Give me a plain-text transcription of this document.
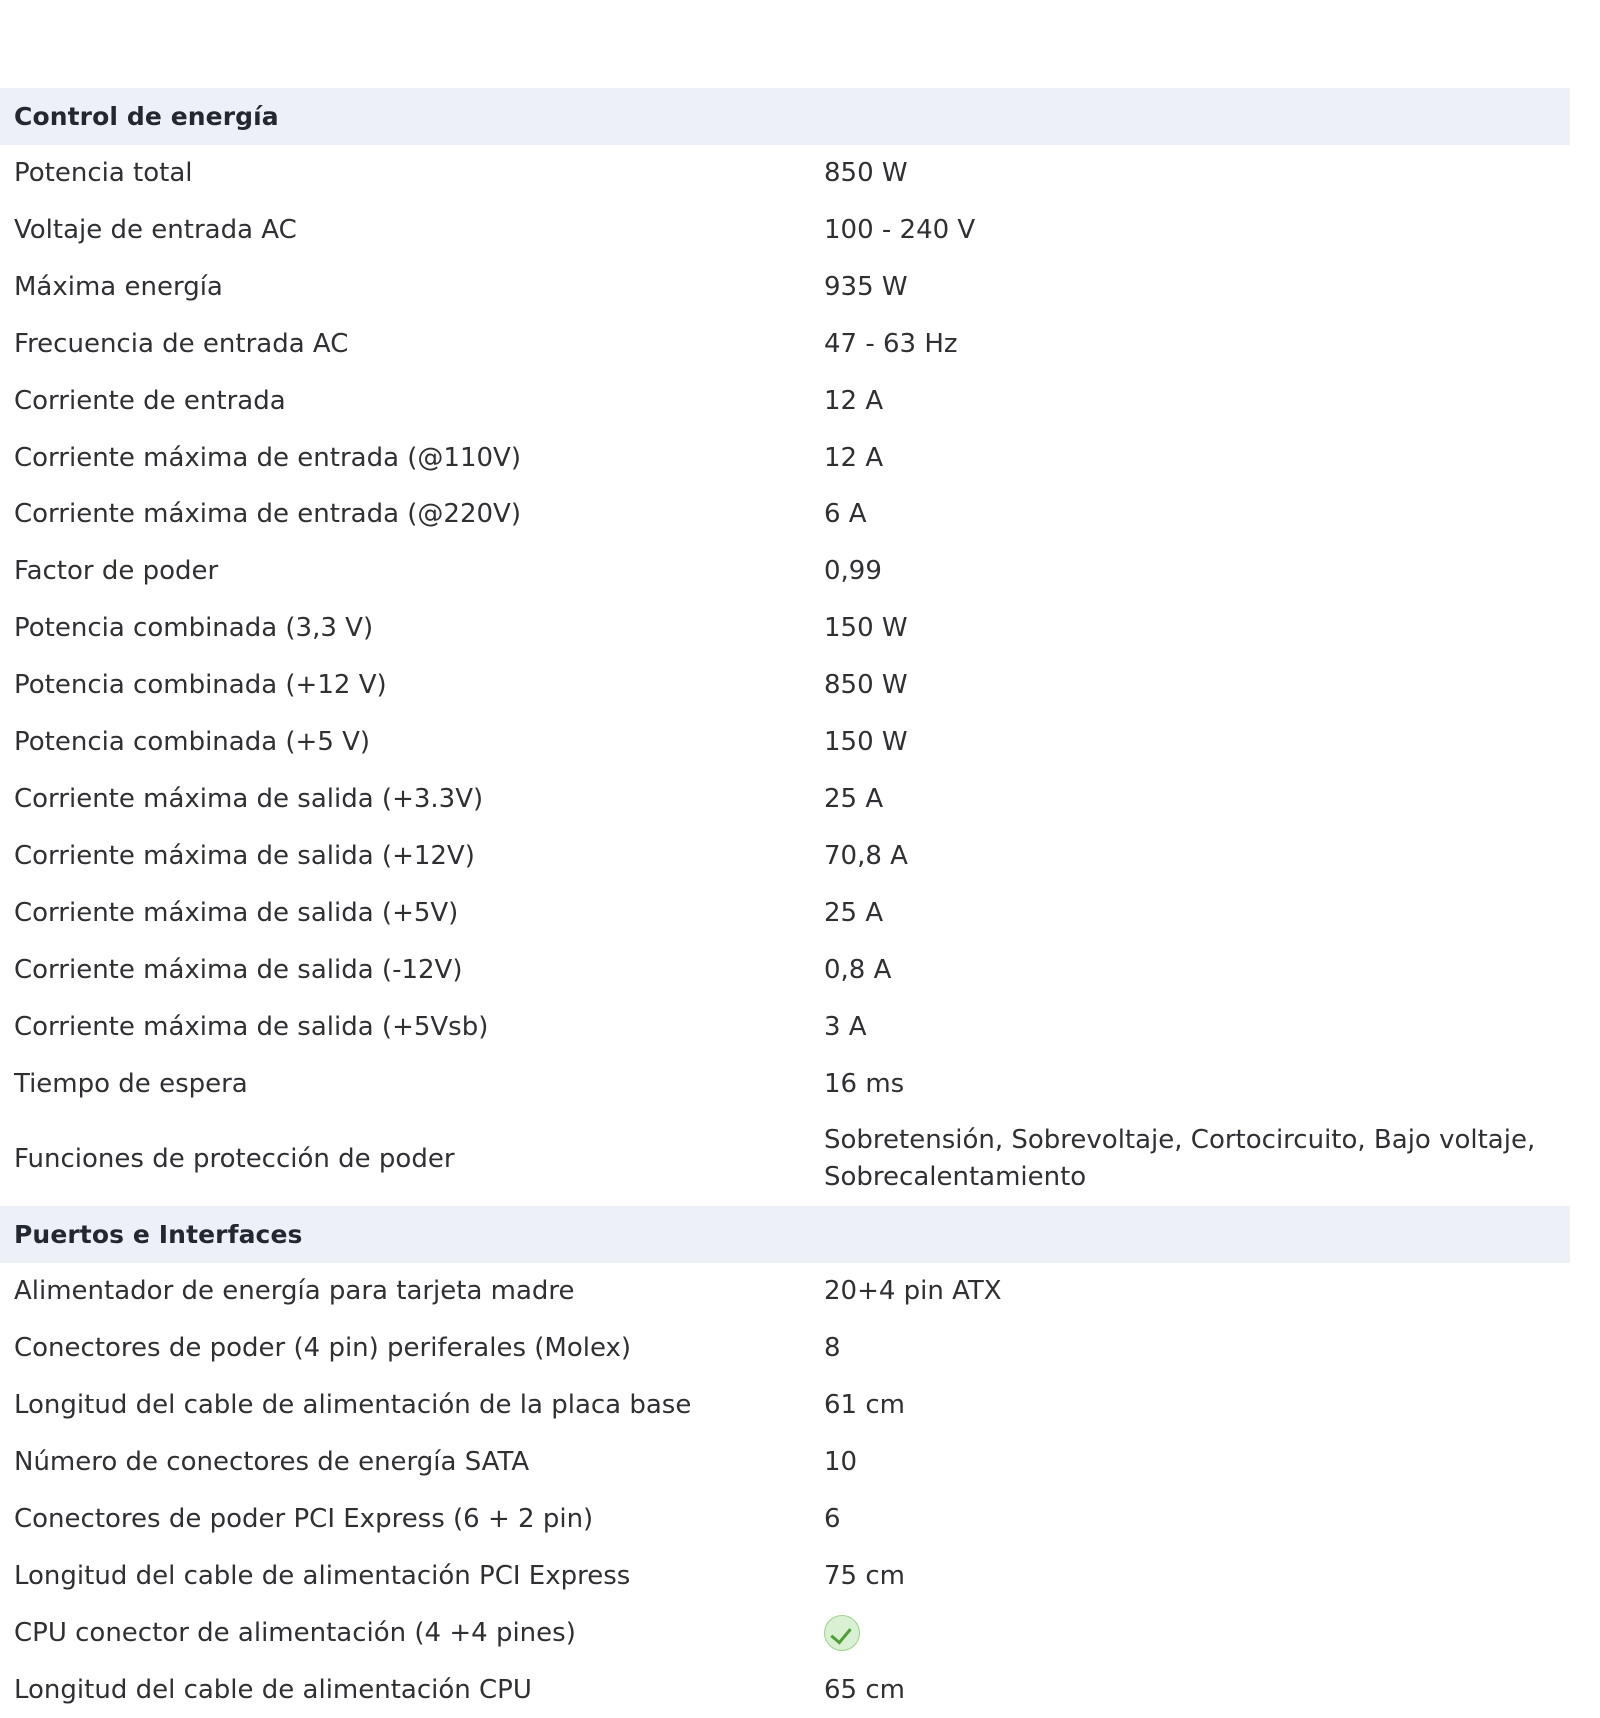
Control de energía	
Potencia total	850 W

Voltaje de entrada AC	100 - 240 V

Máxima energía	935 W

Frecuencia de entrada AC	47 - 63 Hz

Corriente de entrada	12 A

Corriente máxima de entrada (@110V)	12 A

Corriente máxima de entrada (@220V)	6 A

Factor de poder	0,99

Potencia combinada (3,3 V)	150 W

Potencia combinada (+12 V)	850 W

Potencia combinada (+5 V)	150 W

Corriente máxima de salida (+3.3V)	25 A

Corriente máxima de salida (+12V)	70,8 A

Corriente máxima de salida (+5V)	25 A

Corriente máxima de salida (-12V)	0,8 A

Corriente máxima de salida (+5Vsb)	3 A

Tiempo de espera	16 ms

Funciones de protección de poder	Sobretensión, Sobrevoltaje, Cortocircuito, Bajo voltaje,
Sobrecalentamiento

Puertos e Interfaces	
Alimentador de energía para tarjeta madre	20+4 pin ATX

Conectores de poder (4 pin) periferales (Molex)	8

Longitud del cable de alimentación de la placa base	61 cm

Número de conectores de energía SATA	10

Conectores de poder PCI Express (6 + 2 pin)	6

Longitud del cable de alimentación PCI Express	75 cm

CPU conector de alimentación (4 +4 pines)	
Longitud del cable de alimentación CPU	65 cm
